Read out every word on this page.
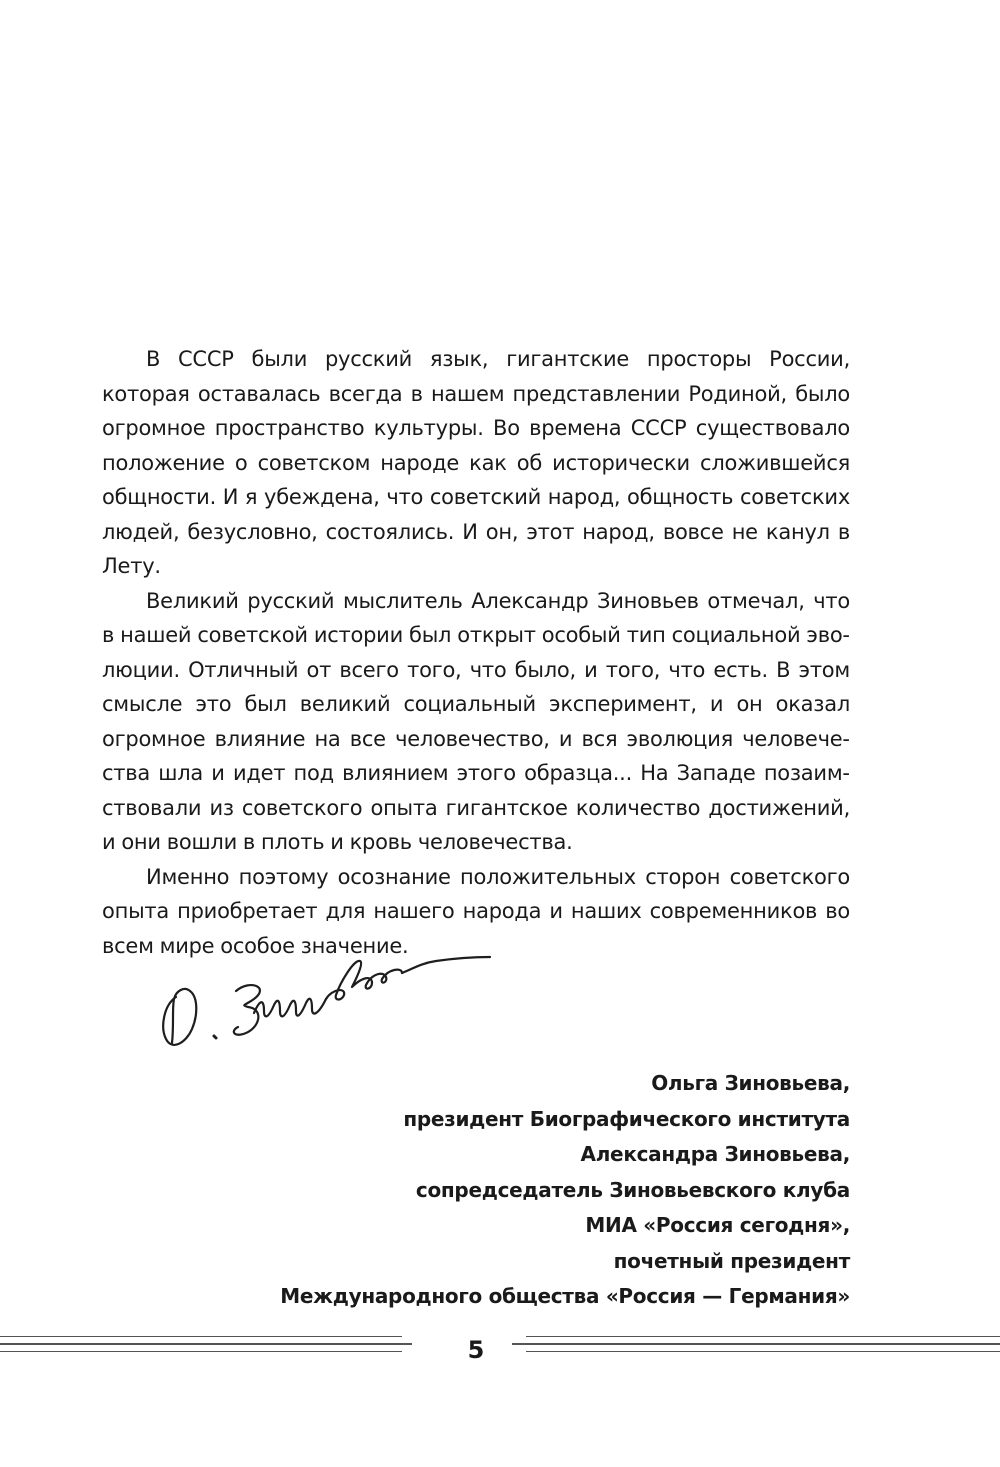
В СССР были русский язык, гигантские просторы России, которая оставалась всегда в нашем представлении Родиной, было огромное пространство культуры. Во времена СССР существовало положение о советском народе как об исторически сложившейся общности. И я убеждена, что советский народ, общность советских людей, безусловно, состоялись. И он, этот народ, вовсе не канул в Лету.

Великий русский мыслитель Александр Зиновьев отмечал, что в нашей советской истории был открыт особый тип социальной эволюции. Отличный от всего того, что было, и того, что есть. В этом смысле это был великий социальный эксперимент, и он оказал огромное влияние на все человечество, и вся эволюция человечества шла и идет под влиянием этого образца... На Западе позаимствовали из советского опыта гигантское количество достижений, и они вошли в плоть и кровь человечества.

Именно поэтому осознание положительных сторон советского опыта приобретает для нашего народа и наших современников во всем мире особое значение.

Ольга Зиновьева,
президент Биографического института
Александра Зиновьева,
сопредседатель Зиновьевского клуба
МИА «Россия сегодня»,
почетный президент
Международного общества «Россия — Германия»
5
